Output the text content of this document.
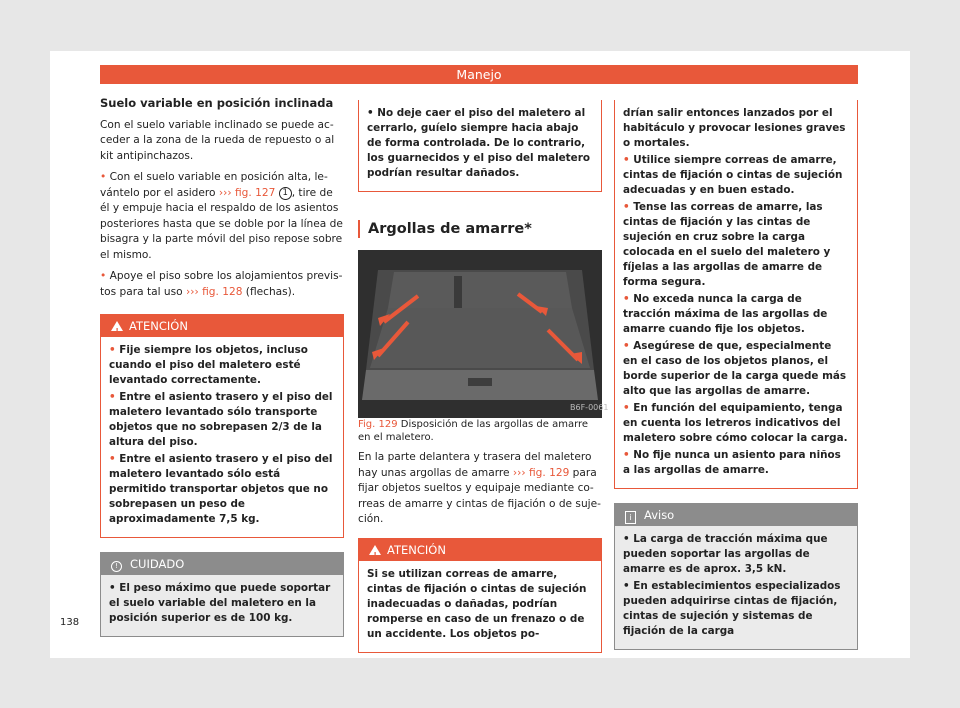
Manejo

Suelo variable en posición inclinada

Con el suelo variable inclinado se puede acceder a la zona de la rueda de repuesto o al kit antipinchazos.

• Con el suelo variable en posición alta, levántelo por el asidero ››› fig. 127 1 , tire de él y empuje hacia el respaldo de los asientos posteriores hasta que se doble por la línea de bisagra y la parte móvil del piso repose sobre el mismo.

• Apoye el piso sobre los alojamientos previstos para tal uso ››› fig. 128 (flechas).

!ATENCIÓN

• Fije siempre los objetos, incluso cuando el piso del maletero esté levantado correctamente.

• Entre el asiento trasero y el piso del maletero levantado sólo transporte objetos que no sobrepasen 2/3 de la altura del piso.

• Entre el asiento trasero y el piso del maletero levantado sólo está permitido transportar objetos que no sobrepasen un peso de aproximadamente 7,5 kg.

! CUIDADO

• El peso máximo que puede soportar el suelo variable del maletero en la posición superior es de 100 kg.

• No deje caer el piso del maletero al cerrarlo, guíelo siempre hacia abajo de forma controlada. De lo contrario, los guarnecidos y el piso del maletero podrían resultar dañados.

Argollas de amarre*
B6F-0061

Fig. 129 Disposición de las argollas de amarre en el maletero.

En la parte delantera y trasera del maletero hay unas argollas de amarre ››› fig. 129 para fijar objetos sueltos y equipaje mediante correas de amarre y cintas de fijación o de sujeción.

!ATENCIÓN

Si se utilizan correas de amarre, cintas de fijación o cintas de sujeción inadecuadas o dañadas, podrían romperse en caso de un frenazo o de un accidente. Los objetos po-

drían salir entonces lanzados por el habitáculo y provocar lesiones graves o mortales.

• Utilice siempre correas de amarre, cintas de fijación o cintas de sujeción adecuadas y en buen estado.

• Tense las correas de amarre, las cintas de fijación y las cintas de sujeción en cruz sobre la carga colocada en el suelo del maletero y fíjelas a las argollas de amarre de forma segura.

• No exceda nunca la carga de tracción máxima de las argollas de amarre cuando fije los objetos.

• Asegúrese de que, especialmente en el caso de los objetos planos, el borde superior de la carga quede más alto que las argollas de amarre.

• En función del equipamiento, tenga en cuenta los letreros indicativos del maletero sobre cómo colocar la carga.

• No fije nunca un asiento para niños a las argollas de amarre.

i Aviso

• La carga de tracción máxima que pueden soportar las argollas de amarre es de aprox. 3,5 kN.

• En establecimientos especializados pueden adquirirse cintas de fijación, cintas de sujeción y sistemas de fijación de la carga

138
